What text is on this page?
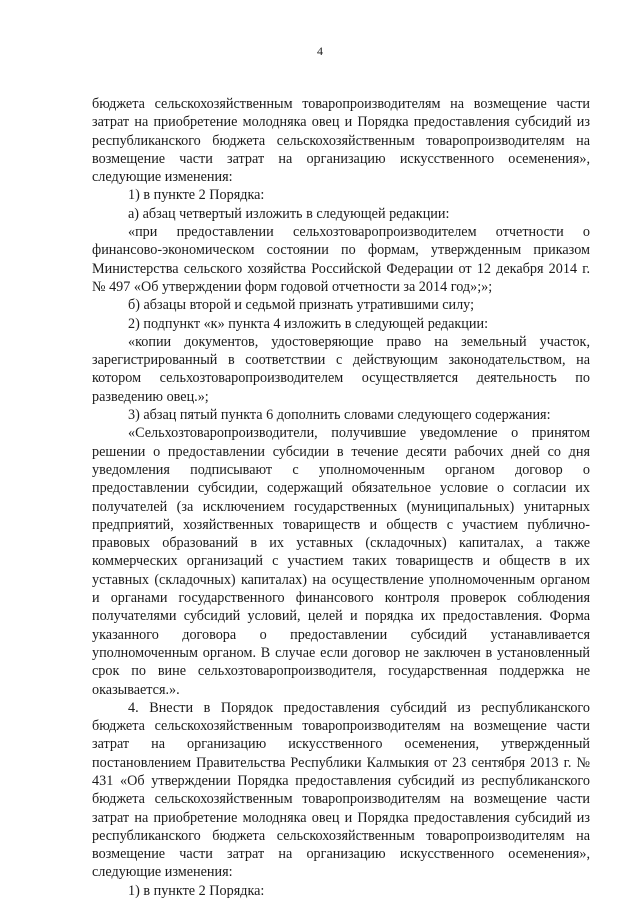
4

бюджета сельскохозяйственным товаропроизводителям на возмещение части затрат на приобретение молодняка овец и Порядка предоставления субсидий из республиканского бюджета сельскохозяйственным товаропроизводителям на возмещение части затрат на организацию искусственного осеменения», следующие изменения:

1) в пункте 2 Порядка:

а) абзац четвертый изложить в следующей редакции:

«при предоставлении сельхозтоваропроизводителем отчетности о финансово-экономическом состоянии по формам, утвержденным приказом Министерства сельского хозяйства Российской Федерации от 12 декабря 2014 г. № 497 «Об утверждении форм годовой отчетности за 2014 год»;»;

б) абзацы второй и седьмой признать утратившими силу;

2) подпункт «к» пункта 4 изложить в следующей редакции:

«копии документов, удостоверяющие право на земельный участок, зарегистрированный в соответствии с действующим законодательством, на котором сельхозтоваропроизводителем осуществляется деятельность по разведению овец.»;

3) абзац пятый пункта 6 дополнить словами следующего содержания:

«Сельхозтоваропроизводители, получившие уведомление о принятом решении о предоставлении субсидии в течение десяти рабочих дней со дня уведомления подписывают с уполномоченным органом договор о предоставлении субсидии, содержащий обязательное условие о согласии их получателей (за исключением государственных (муниципальных) унитарных предприятий, хозяйственных товариществ и обществ с участием публично-правовых образований в их уставных (складочных) капиталах, а также коммерческих организаций с участием таких товариществ и обществ в их уставных (складочных) капиталах) на осуществление уполномоченным органом и органами государственного финансового контроля проверок соблюдения получателями субсидий условий, целей и порядка их предоставления. Форма указанного договора о предоставлении субсидий устанавливается уполномоченным органом. В случае если договор не заключен в установленный срок по вине сельхозтоваропроизводителя, государственная поддержка не оказывается.».

4. Внести в Порядок предоставления субсидий из республиканского бюджета сельскохозяйственным товаропроизводителям на возмещение части затрат на организацию искусственного осеменения, утвержденный постановлением Правительства Республики Калмыкия от 23 сентября 2013 г. № 431 «Об утверждении Порядка предоставления субсидий из республиканского бюджета сельскохозяйственным товаропроизводителям на возмещение части затрат на приобретение молодняка овец и Порядка предоставления субсидий из республиканского бюджета сельскохозяйственным товаропроизводителям на возмещение части затрат на организацию искусственного осеменения», следующие изменения:

1) в пункте 2 Порядка:
